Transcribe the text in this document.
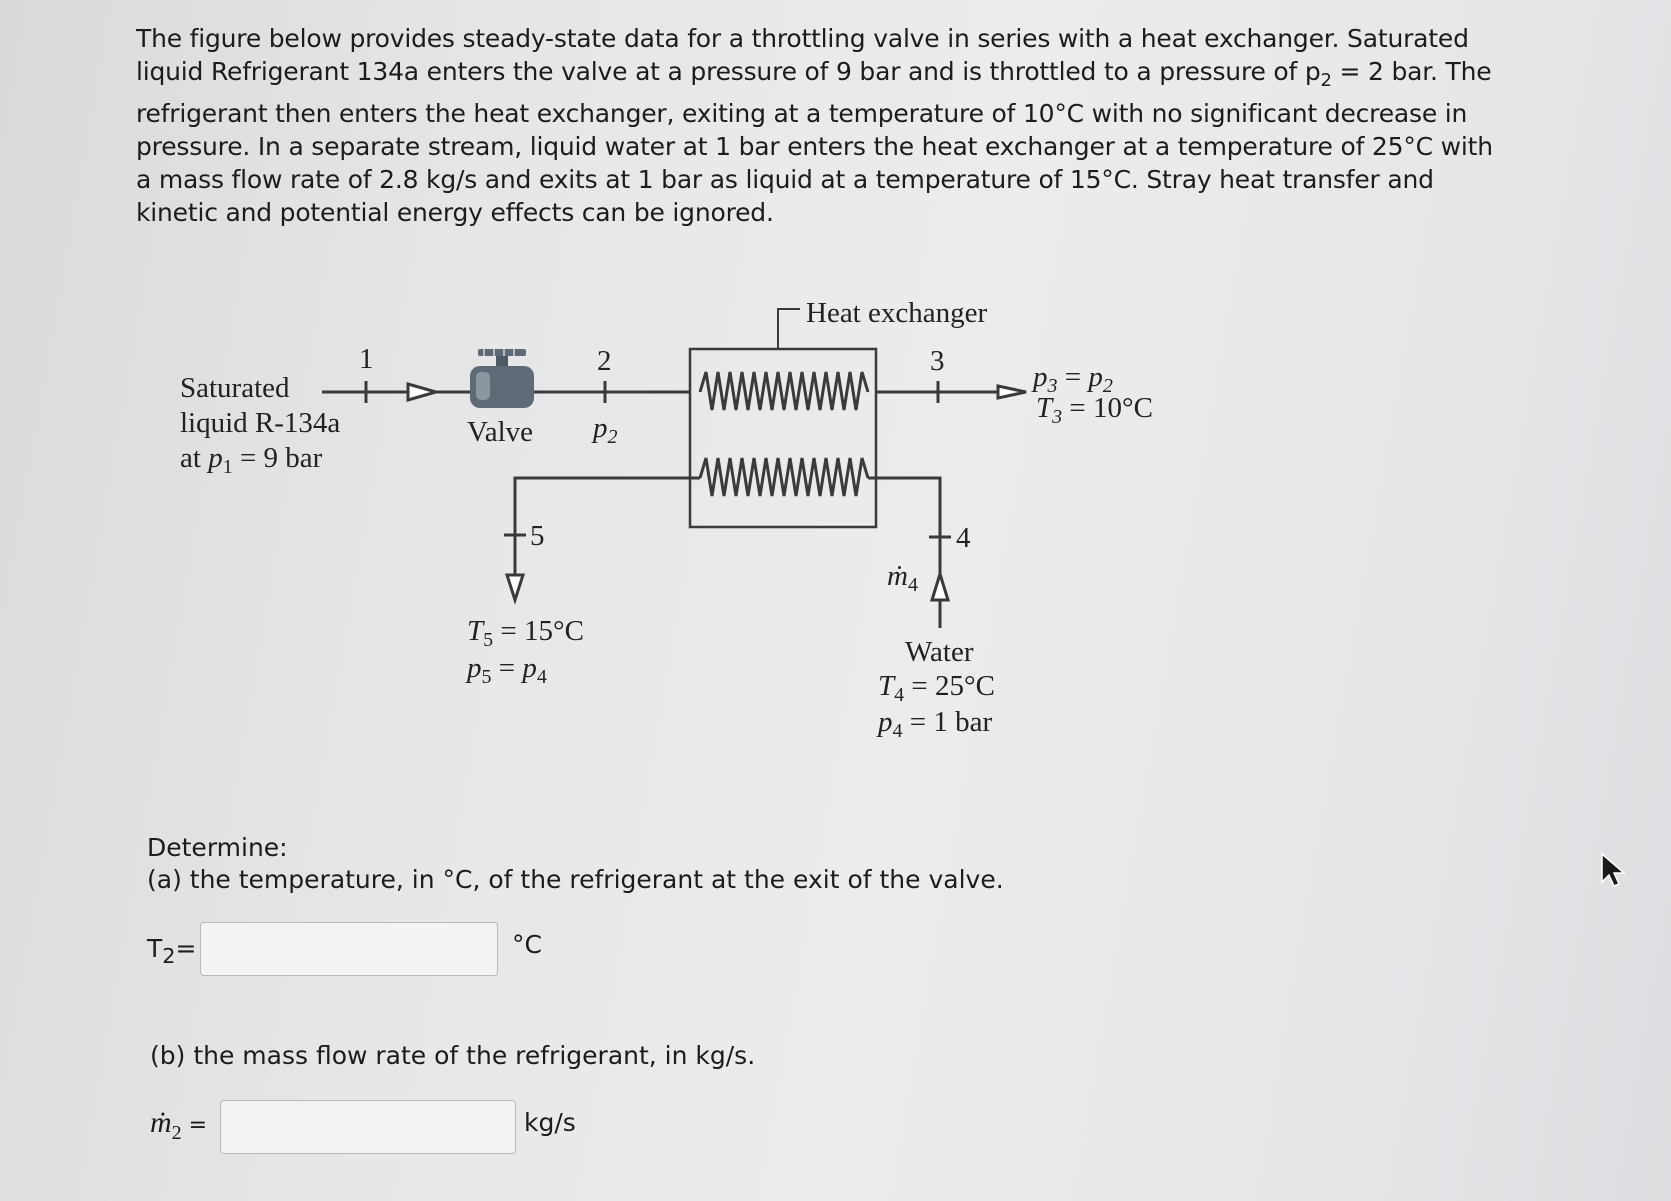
The figure below provides steady-state data for a throttling valve in series with a heat exchanger. Saturated liquid Refrigerant 134a enters the valve at a pressure of 9 bar and is throttled to a pressure of $p_2 = 2$ bar. The refrigerant then enters the heat exchanger, exiting at a temperature of 10°C with no significant decrease in pressure. In a separate stream, liquid water at 1 bar enters the heat exchanger at a temperature of 25°C with a mass flow rate of 2.8 kg/s and exits at 1 bar as liquid at a temperature of 15°C. Stray heat transfer and kinetic and potential energy effects can be ignored.
Heat exchanger
Saturated
liquid R-134a
at $p_1 = 9$ bar
1	2	3
4
5
Valve $p_2$
$p_3 = p_2$
$T_3 = 10^\circ C$
ṁ$_4$
$T_5 = 15^\circ C$
$p_5 = p_4$
Water
$T_4 = 25^\circ C$
$p_4 = 1$ bar
Determine:
(a) the temperature, in °C, of the refrigerant at the exit of the valve.
$T_2=$	°C
(b) the mass flow rate of the refrigerant, in kg/s.
ṁ$_2$ =	kg/s
